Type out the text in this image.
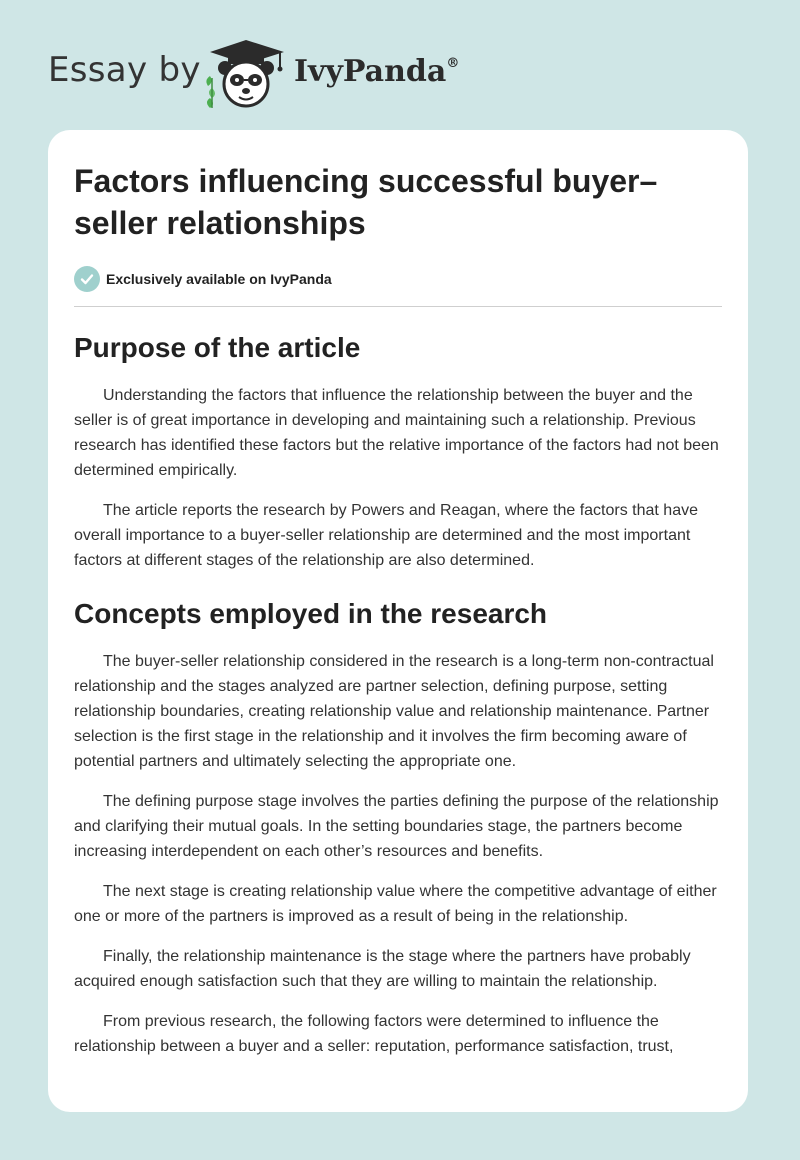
Essay by	IvyPanda®
Factors influencing successful buyer–seller relationships
Exclusively available on IvyPanda
Purpose of the article

Understanding the factors that influence the relationship between the buyer and the seller is of great importance in developing and maintaining such a relationship. Previous research has identified these factors but the relative importance of the factors had not been determined empirically.

The article reports the research by Powers and Reagan, where the factors that have overall importance to a buyer-seller relationship are determined and the most important factors at different stages of the relationship are also determined.

Concepts employed in the research

The buyer-seller relationship considered in the research is a long-term non-contractual relationship and the stages analyzed are partner selection, defining purpose, setting relationship boundaries, creating relationship value and relationship maintenance. Partner selection is the first stage in the relationship and it involves the firm becoming aware of potential partners and ultimately selecting the appropriate one.

The defining purpose stage involves the parties defining the purpose of the relationship and clarifying their mutual goals. In the setting boundaries stage, the partners become increasing interdependent on each other’s resources and benefits.

The next stage is creating relationship value where the competitive advantage of either one or more of the partners is improved as a result of being in the relationship.

Finally, the relationship maintenance is the stage where the partners have probably acquired enough satisfaction such that they are willing to maintain the relationship.

From previous research, the following factors were determined to influence the relationship between a buyer and a seller: reputation, performance satisfaction, trust,
